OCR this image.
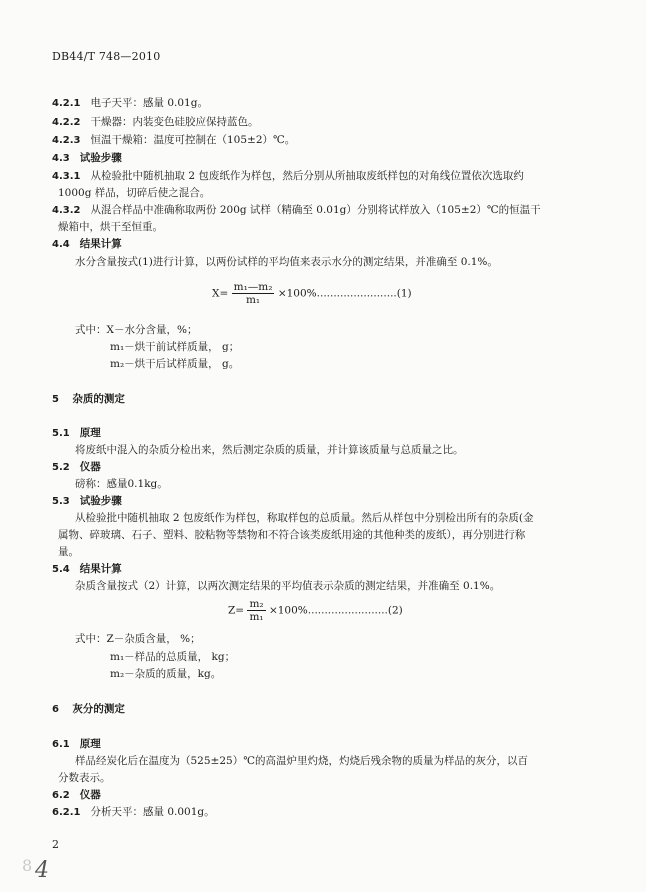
DB44/T 748—2010
4.2.1 电子天平：感量 0.01g。
4.2.2 干燥器：内装变色硅胶应保持蓝色。
4.2.3 恒温干燥箱：温度可控制在（105±2）℃。
4.3 试验步骤
4.3.1 从检验批中随机抽取 2 包废纸作为样包，然后分别从所抽取废纸样包的对角线位置依次选取约
1000g 样品，切碎后使之混合。
4.3.2 从混合样品中准确称取两份 200g 试样（精确至 0.01g）分别将试样放入（105±2）℃的恒温干
燥箱中，烘干至恒重。
4.4 结果计算
水分含量按式(1)进行计算，以两份试样的平均值来表示水分的测定结果，并准确至 0.1%。
$X= \frac{\text{m₁—m₂}}{\text{m₁}} \times 100\%........................(1)$
式中：X－水分含量，%；
m₁－烘干前试样质量， g；
m₂－烘干后试样质量， g。
5 杂质的测定
5.1 原理
将废纸中混入的杂质分检出来，然后测定杂质的质量，并计算该质量与总质量之比。
5.2 仪器
磅称：感量0.1kg。
5.3 试验步骤
从检验批中随机抽取 2 包废纸作为样包，称取样包的总质量。然后从样包中分别检出所有的杂质(金
属物、碎玻璃、石子、塑料、胶粘物等禁物和不符合该类废纸用途的其他种类的废纸），再分别进行称
量。
5.4 结果计算
杂质含量按式（2）计算，以两次测定结果的平均值表示杂质的测定结果，并准确至 0.1%。
$Z= \frac{\text{m₂}}{\text{m₁}} \times 100\%........................(2)$
式中：Z－杂质含量， %；
m₁－样品的总质量， kg；
m₂－杂质的质量，kg。
6 灰分的测定
6.1 原理
样品经炭化后在温度为（525±25）℃的高温炉里灼烧，灼烧后残余物的质量为样品的灰分，以百
分数表示。
6.2 仪器
6.2.1 分析天平：感量 0.001g。
2
8 4
